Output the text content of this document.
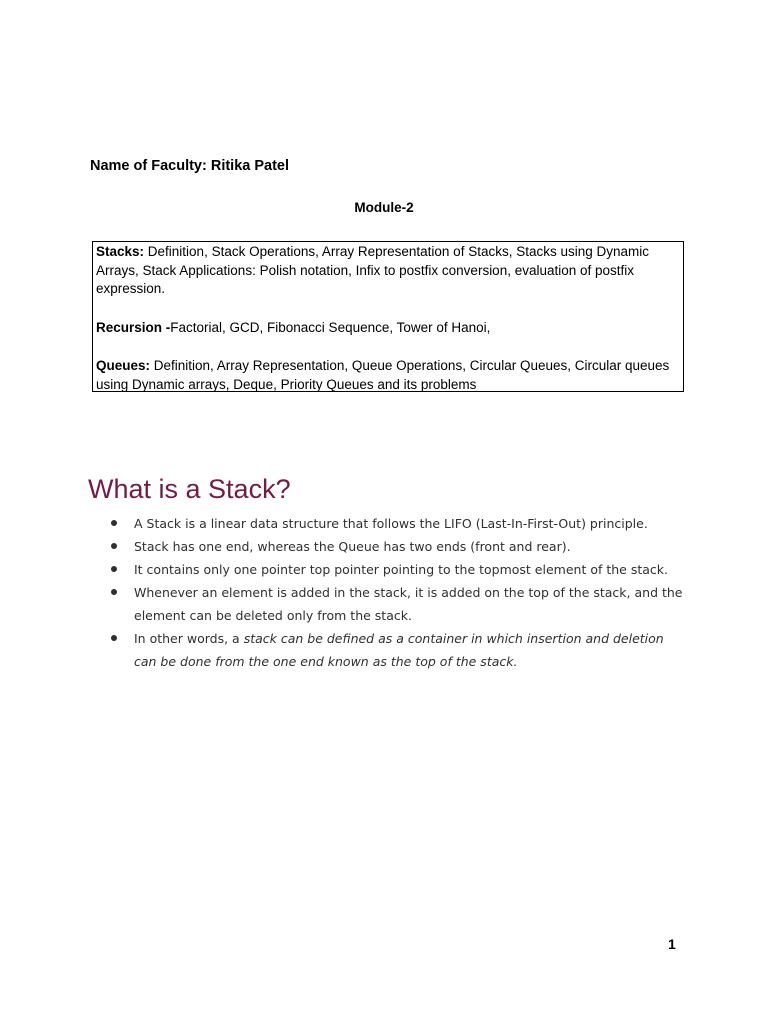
Name of Faculty: Ritika Patel
Module-2

Stacks: Definition, Stack Operations, Array Representation of Stacks, Stacks using Dynamic Arrays, Stack Applications: Polish notation, Infix to postfix conversion, evaluation of postfix expression.

Recursion -Factorial, GCD, Fibonacci Sequence, Tower of Hanoi,

Queues: Definition, Array Representation, Queue Operations, Circular Queues, Circular queues using Dynamic arrays, Deque, Priority Queues and its problems

What is a Stack?
A Stack is a linear data structure that follows the LIFO (Last-In-First-Out) principle.
Stack has one end, whereas the Queue has two ends (front and rear).
It contains only one pointer top pointer pointing to the topmost element of the stack.
Whenever an element is added in the stack, it is added on the top of the stack, and the element can be deleted only from the stack.
In other words, a stack can be defined as a container in which insertion and deletion can be done from the one end known as the top of the stack.
1
